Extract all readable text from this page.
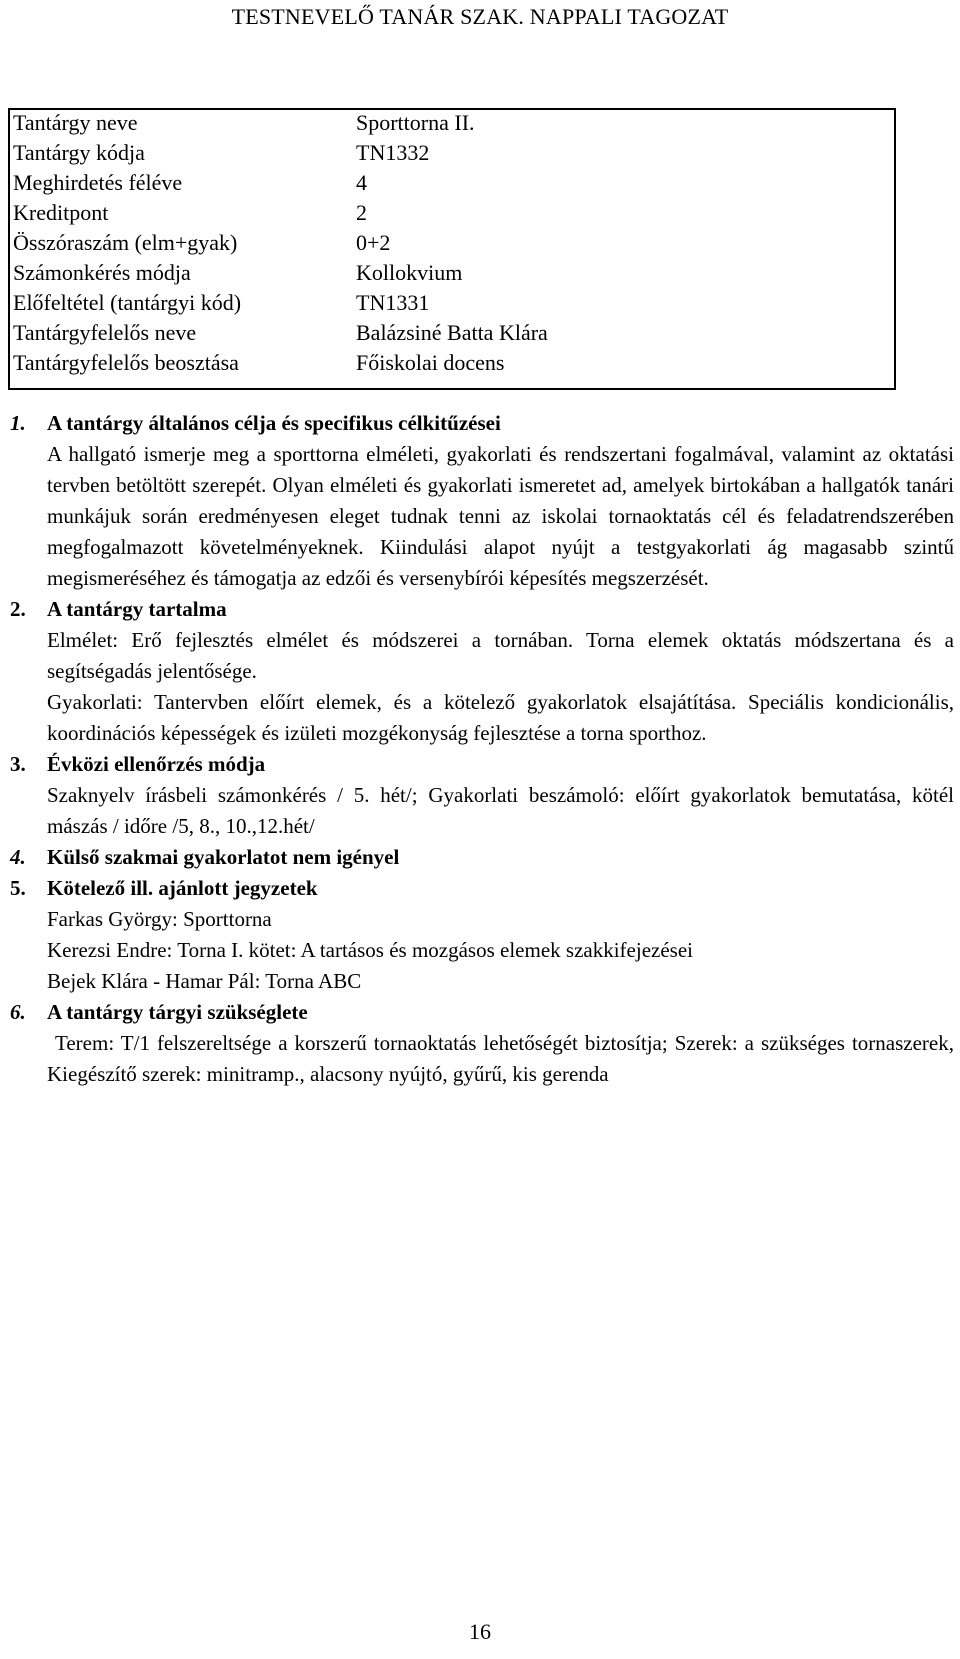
TESTNEVELŐ TANÁR SZAK. NAPPALI TAGOZAT
Tantárgy neve	Sporttorna II.
Tantárgy kódja	TN1332
Meghirdetés féléve	4
Kreditpont	2
Összóraszám (elm+gyak)	0+2
Számonkérés módja	Kollokvium
Előfeltétel (tantárgyi kód)	TN1331
Tantárgyfelelős neve	Balázsiné Batta Klára
Tantárgyfelelős beosztása	Főiskolai docens

1. A tantárgy általános célja és specifikus célkitűzései

A hallgató ismerje meg a sporttorna elméleti, gyakorlati és rendszertani fogalmával, valamint az oktatási tervben betöltött szerepét. Olyan elméleti és gyakorlati ismeretet ad, amelyek birtokában a hallgatók tanári munkájuk során eredményesen eleget tudnak tenni az iskolai tornaoktatás cél és feladatrendszerében megfogalmazott követelményeknek. Kiindulási alapot nyújt a testgyakorlati ág magasabb szintű megismeréséhez és támogatja az edzői és versenybírói képesítés megszerzését.

2. A tantárgy tartalma

Elmélet: Erő fejlesztés elmélet és módszerei a tornában. Torna elemek oktatás módszertana és a segítségadás jelentősége.

Gyakorlati: Tantervben előírt elemek, és a kötelező gyakorlatok elsajátítása. Speciális kondicionális, koordinációs képességek és izületi mozgékonyság fejlesztése a torna sporthoz.

3. Évközi ellenőrzés módja

Szaknyelv írásbeli számonkérés / 5. hét/; Gyakorlati beszámoló: előírt gyakorlatok bemutatása, kötél mászás / időre /5, 8., 10.,12.hét/

4. Külső szakmai gyakorlatot nem igényel

5. Kötelező ill. ajánlott jegyzetek

Farkas György: Sporttorna

Kerezsi Endre: Torna I. kötet: A tartásos és mozgásos elemek szakkifejezései

Bejek Klára - Hamar Pál: Torna ABC

6. A tantárgy tárgyi szükséglete

Terem: T/1 felszereltsége a korszerű tornaoktatás lehetőségét biztosítja; Szerek: a szükséges tornaszerek, Kiegészítő szerek: minitramp., alacsony nyújtó, gyűrű, kis gerenda

16
